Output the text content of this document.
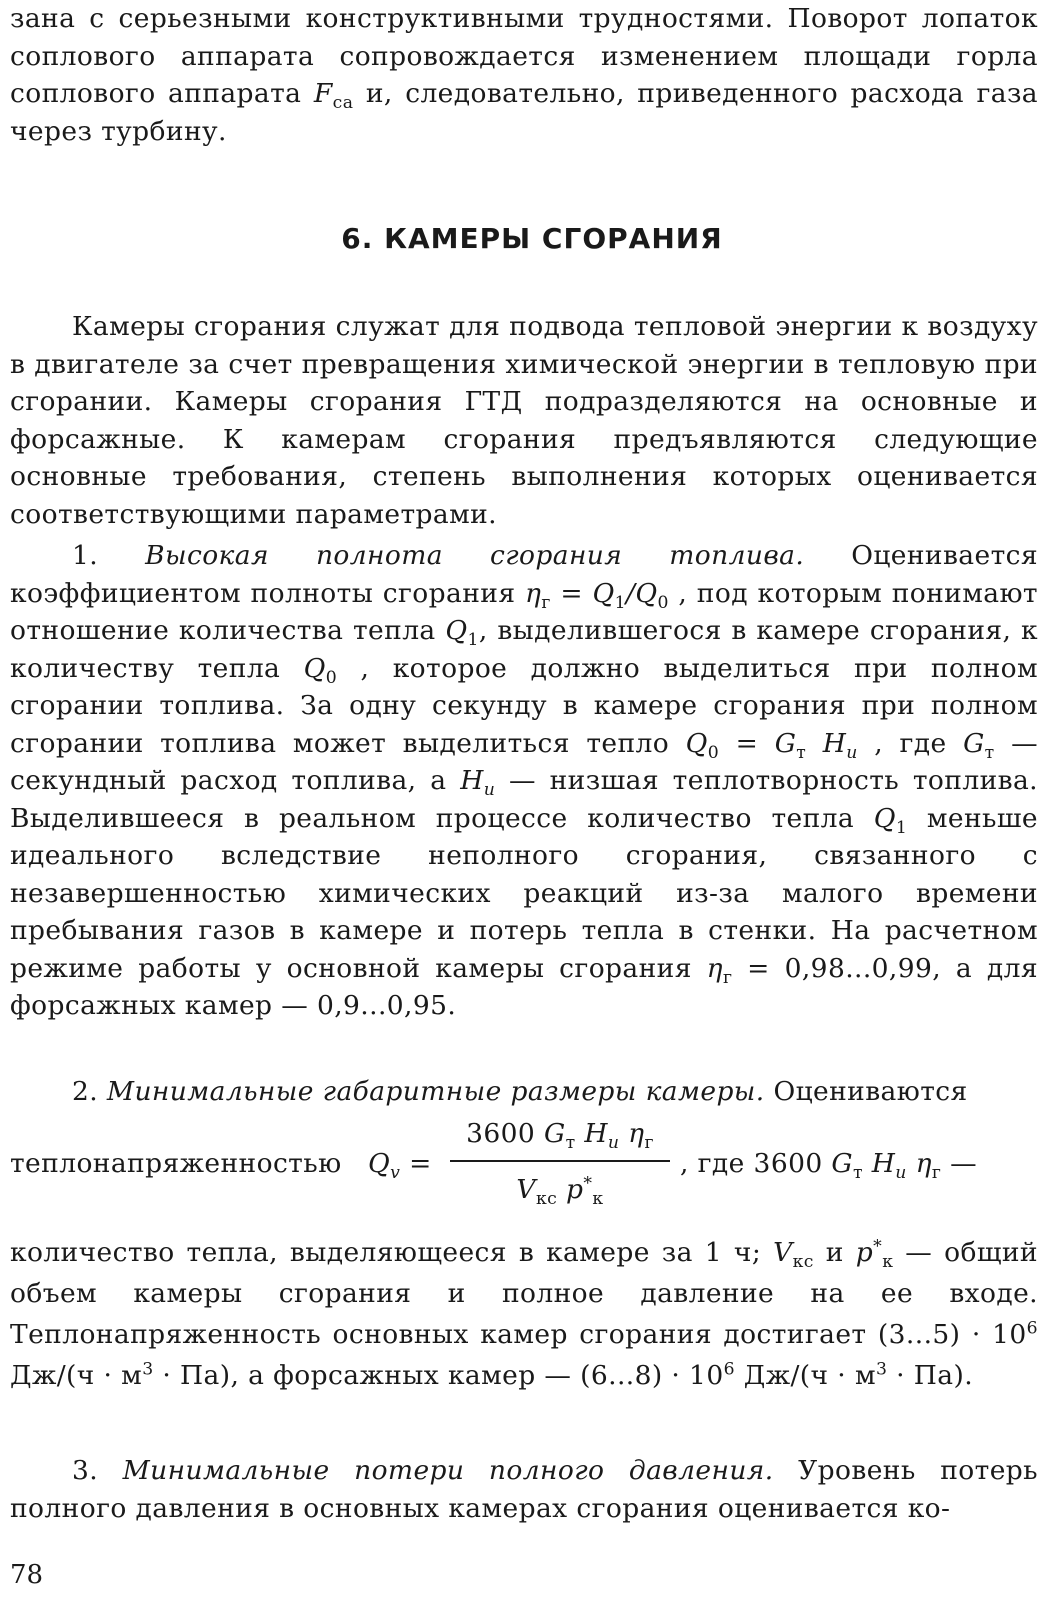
зана с серьезными конструктивными трудностями. Поворот лопаток соплового аппарата сопровождается изменением площади горла соплового аппарата $F_{са}$ и, следовательно, приведенного расхода газа через турбину.

6. КАМЕРЫ СГОРАНИЯ

Камеры сгорания служат для подвода тепловой энергии к воздуху в двигателе за счет превращения химической энергии в тепловую при сгорании. Камеры сгорания ГТД подразделяются на основные и форсажные. К камерам сгорания предъявляются следующие основные требования, степень выполнения которых оценивается соответствующими параметрами.

1. Высокая полнота сгорания топлива. Оценивается коэффициентом полноты сгорания $\eta_г = Q_1/Q_0$ , под которым понимают отношение количества тепла $Q_1$, выделившегося в камере сгорания, к количеству тепла $Q_0$ , которое должно выделиться при полном сгорании топлива. За одну секунду в камере сгорания при полном сгорании топлива может выделиться тепло $Q_0 = G_т$ $H_u$ , где $G_т$ — секундный расход топлива, а $H_u$ — низшая теплотворность топлива. Выделившееся в реальном процессе количество тепла $Q_1$ меньше идеального вследствие неполного сгорания, связанного с незавершенностью химических реакций из-за малого времени пребывания газов в камере и потерь тепла в стенки. На расчетном режиме работы у основной камеры сгорания $\eta_г = 0,98...0,99$, а для форсажных камер — 0,9...0,95.

2. Минимальные габаритные размеры камеры. Оцениваются

теплонапряженностью $Q_v$ =
3600 $G_т$ $H_u$ $\eta_г$
$V_{кс}$ $p^*_к$
, где 3600 $G_т$ $H_u$ $\eta_г$ —

количество тепла, выделяющееся в камере за 1 ч; $V_{кс}$ и $p^*_к$ — общий объем камеры сгорания и полное давление на ее входе. Теплонапряженность основных камер сгорания достигает $(3...5) \cdot 10^6$ $Дж/(ч \cdot м^3 \cdot Па)$, а форсажных камер — $(6...8) \cdot 10^6$ $Дж/(ч \cdot м^3 \cdot Па)$.

3. Минимальные потери полного давления. Уровень потерь полного давления в основных камерах сгорания оценивается ко-

78
